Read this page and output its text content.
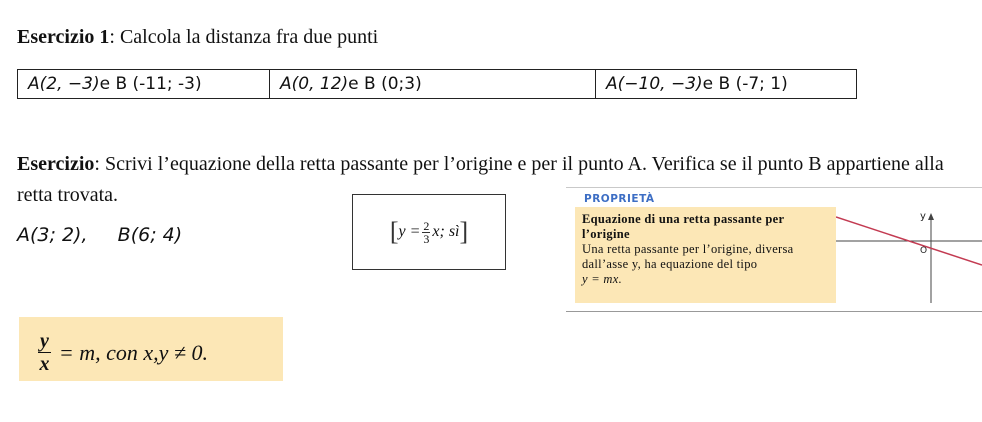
Esercizio 1: Calcola la distanza fra due punti
A(2, −3) e B (-11; -3)	A(0, 12) e B (0;3)	A(−10, −3) e B (-7; 1)
Esercizio: Scrivi l’equazione della retta passante per l’origine e per il punto A. Verifica se il punto B appartiene alla retta trovata.
A(3; 2),     B(6; 4)	[ $y = \frac{2}{3} x$; sì ]
PROPRIETÀ
Equazione di una retta passante per l’origine
Una retta passante per l’origine, diversa dall’asse y, ha equazione del tipo
y = mx.
y
O
$\frac{y}{x} = m$, con x,y ≠ 0.
